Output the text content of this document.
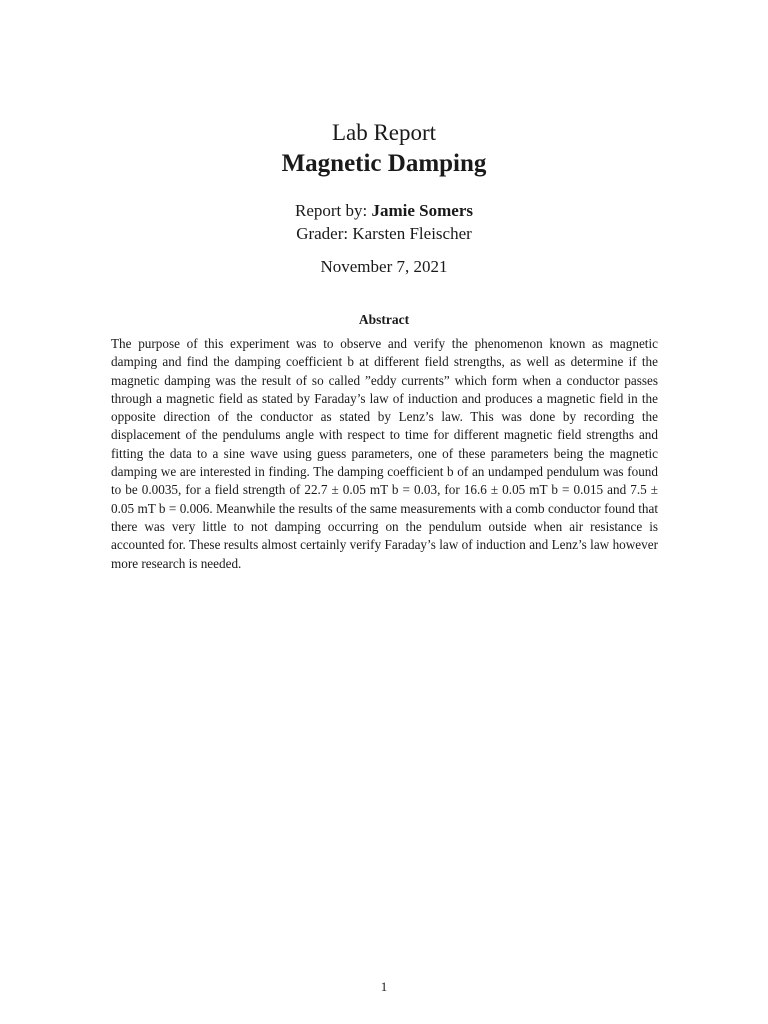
Lab Report
Magnetic Damping
Report by: Jamie Somers
Grader: Karsten Fleischer
November 7, 2021
Abstract
The purpose of this experiment was to observe and verify the phenomenon known as magnetic damping and find the damping coefficient b at different field strengths, as well as determine if the magnetic damping was the result of so called ”eddy currents” which form when a conductor passes through a magnetic field as stated by Faraday’s law of induction and produces a magnetic field in the opposite direction of the conductor as stated by Lenz’s law. This was done by recording the displacement of the pendulums angle with respect to time for different magnetic field strengths and fitting the data to a sine wave using guess parameters, one of these parameters being the magnetic damping we are interested in finding. The damping coefficient b of an undamped pendulum was found to be 0.0035, for a field strength of 22.7 ± 0.05 mT b = 0.03, for 16.6 ± 0.05 mT b = 0.015 and 7.5 ± 0.05 mT b = 0.006. Meanwhile the results of the same measurements with a comb conductor found that there was very little to not damping occurring on the pendulum outside when air resistance is accounted for. These results almost certainly verify Faraday’s law of induction and Lenz’s law however more research is needed.
1
